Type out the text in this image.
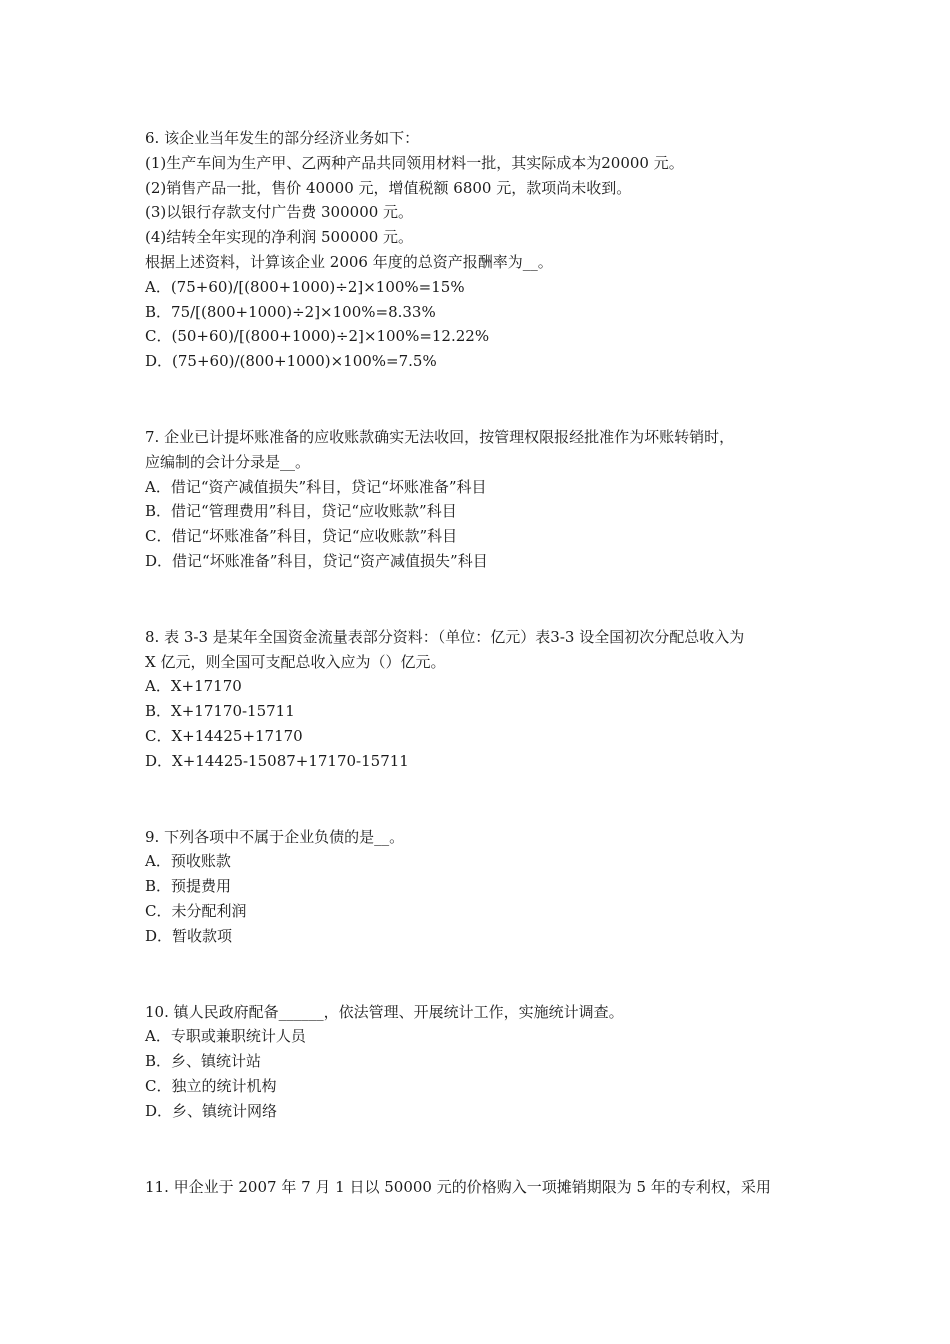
6. 该企业当年发生的部分经济业务如下：
(1)生产车间为生产甲、乙两种产品共同领用材料一批，其实际成本为20000 元。
(2)销售产品一批，售价 40000 元，增值税额 6800 元，款项尚未收到。
(3)以银行存款支付广告费 300000 元。
(4)结转全年实现的净利润 500000 元。
根据上述资料，计算该企业 2006 年度的总资产报酬率为__。
A．(75+60)/[(800+1000)÷2]×100%=15%
B．75/[(800+1000)÷2]×100%=8.33%
C．(50+60)/[(800+1000)÷2]×100%=12.22%
D．(75+60)/(800+1000)×100%=7.5%
7. 企业已计提坏账准备的应收账款确实无法收回，按管理权限报经批准作为坏账转销时，
应编制的会计分录是__。
A．借记“资产减值损失”科目，贷记“坏账准备”科目
B．借记“管理费用”科目，贷记“应收账款”科目
C．借记“坏账准备”科目，贷记“应收账款”科目
D．借记“坏账准备”科目，贷记“资产减值损失”科目
8. 表 3-3 是某年全国资金流量表部分资料：（单位：亿元）表3-3 设全国初次分配总收入为
X 亿元，则全国可支配总收入应为（）亿元。
A．X+17170
B．X+17170-15711
C．X+14425+17170
D．X+14425-15087+17170-15711
9. 下列各项中不属于企业负债的是__。
A．预收账款
B．预提费用
C．未分配利润
D．暂收款项
10. 镇人民政府配备______，依法管理、开展统计工作，实施统计调查。
A．专职或兼职统计人员
B．乡、镇统计站
C．独立的统计机构
D．乡、镇统计网络
11. 甲企业于 2007 年 7 月 1 日以 50000 元的价格购入一项摊销期限为 5 年的专利权，采用
